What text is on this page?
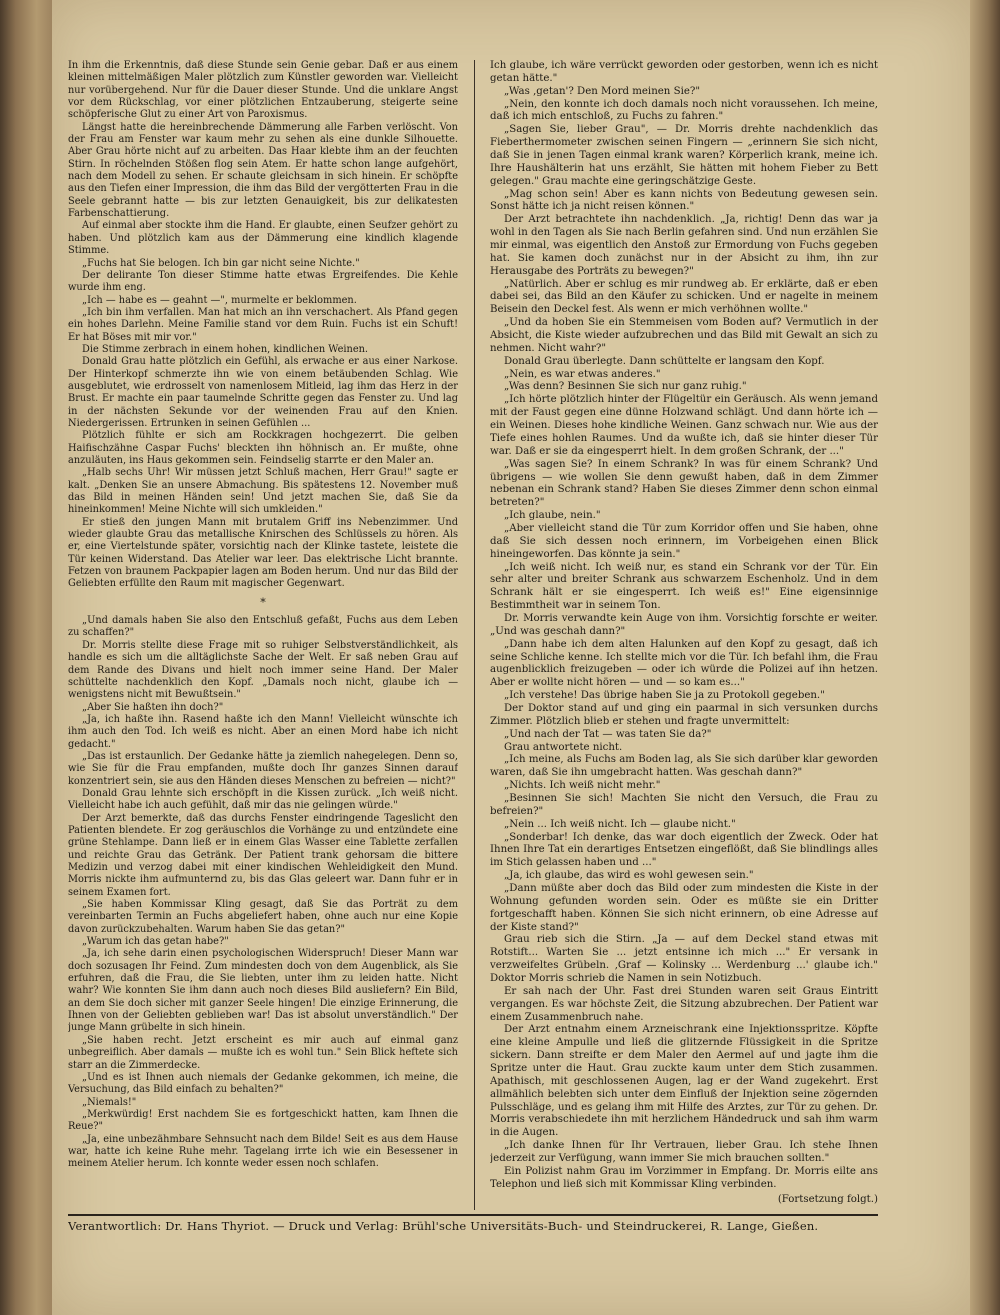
In ihm die Erkenntnis, daß diese Stunde sein Genie gebar. Daß er aus einem kleinen mittelmäßigen Maler plötzlich zum Künstler geworden war. Vielleicht nur vorübergehend. Nur für die Dauer dieser Stunde. Und die unklare Angst vor dem Rückschlag, vor einer plötzlichen Entzauberung, steigerte seine schöpferische Glut zu einer Art von Paroxismus.

Längst hatte die hereinbrechende Dämmerung alle Farben verlöscht. Von der Frau am Fenster war kaum mehr zu sehen als eine dunkle Silhouette. Aber Grau hörte nicht auf zu arbeiten. Das Haar klebte ihm an der feuchten Stirn. In röchelnden Stößen flog sein Atem. Er hatte schon lange aufgehört, nach dem Modell zu sehen. Er schaute gleichsam in sich hinein. Er schöpfte aus den Tiefen einer Impression, die ihm das Bild der vergötterten Frau in die Seele gebrannt hatte — bis zur letzten Genauigkeit, bis zur delikatesten Farbenschattierung.

Auf einmal aber stockte ihm die Hand. Er glaubte, einen Seufzer gehört zu haben. Und plötzlich kam aus der Dämmerung eine kindlich klagende Stimme.

„Fuchs hat Sie belogen. Ich bin gar nicht seine Nichte."

Der delirante Ton dieser Stimme hatte etwas Ergreifendes. Die Kehle wurde ihm eng.

„Ich — habe es — geahnt —", murmelte er beklommen.

„Ich bin ihm verfallen. Man hat mich an ihn verschachert. Als Pfand gegen ein hohes Darlehn. Meine Familie stand vor dem Ruin. Fuchs ist ein Schuft! Er hat Böses mit mir vor."

Die Stimme zerbrach in einem hohen, kindlichen Weinen.

Donald Grau hatte plötzlich ein Gefühl, als erwache er aus einer Narkose. Der Hinterkopf schmerzte ihn wie von einem betäubenden Schlag. Wie ausgeblutet, wie erdrosselt von namenlosem Mitleid, lag ihm das Herz in der Brust. Er machte ein paar taumelnde Schritte gegen das Fenster zu. Und lag in der nächsten Sekunde vor der weinenden Frau auf den Knien. Niedergerissen. Ertrunken in seinen Gefühlen ...

Plötzlich fühlte er sich am Rockkragen hochgezerrt. Die gelben Haifischzähne Caspar Fuchs' bleckten ihn höhnisch an. Er mußte, ohne anzuläuten, ins Haus gekommen sein. Feindselig starrte er den Maler an.

„Halb sechs Uhr! Wir müssen jetzt Schluß machen, Herr Grau!" sagte er kalt. „Denken Sie an unsere Abmachung. Bis spätestens 12. November muß das Bild in meinen Händen sein! Und jetzt machen Sie, daß Sie da hineinkommen! Meine Nichte will sich umkleiden."

Er stieß den jungen Mann mit brutalem Griff ins Nebenzimmer. Und wieder glaubte Grau das metallische Knirschen des Schlüssels zu hören. Als er, eine Viertelstunde später, vorsichtig nach der Klinke tastete, leistete die Tür keinen Widerstand. Das Atelier war leer. Das elektrische Licht brannte. Fetzen von braunem Packpapier lagen am Boden herum. Und nur das Bild der Geliebten erfüllte den Raum mit magischer Gegenwart.

*

„Und damals haben Sie also den Entschluß gefaßt, Fuchs aus dem Leben zu schaffen?"

Dr. Morris stellte diese Frage mit so ruhiger Selbstverständlichkeit, als handle es sich um die alltäglichste Sache der Welt. Er saß neben Grau auf dem Rande des Divans und hielt noch immer seine Hand. Der Maler schüttelte nachdenklich den Kopf. „Damals noch nicht, glaube ich — wenigstens nicht mit Bewußtsein."

„Aber Sie haßten ihn doch?"

„Ja, ich haßte ihn. Rasend haßte ich den Mann! Vielleicht wünschte ich ihm auch den Tod. Ich weiß es nicht. Aber an einen Mord habe ich nicht gedacht."

„Das ist erstaunlich. Der Gedanke hätte ja ziemlich nahegelegen. Denn so, wie Sie für die Frau empfanden, mußte doch Ihr ganzes Sinnen darauf konzentriert sein, sie aus den Händen dieses Menschen zu befreien — nicht?"

Donald Grau lehnte sich erschöpft in die Kissen zurück. „Ich weiß nicht. Vielleicht habe ich auch gefühlt, daß mir das nie gelingen würde."

Der Arzt bemerkte, daß das durchs Fenster eindringende Tageslicht den Patienten blendete. Er zog geräuschlos die Vorhänge zu und entzündete eine grüne Stehlampe. Dann ließ er in einem Glas Wasser eine Tablette zerfallen und reichte Grau das Getränk. Der Patient trank gehorsam die bittere Medizin und verzog dabei mit einer kindischen Wehleidigkeit den Mund. Morris nickte ihm aufmunternd zu, bis das Glas geleert war. Dann fuhr er in seinem Examen fort.

„Sie haben Kommissar Kling gesagt, daß Sie das Porträt zu dem vereinbarten Termin an Fuchs abgeliefert haben, ohne auch nur eine Kopie davon zurückzubehalten. Warum haben Sie das getan?"

„Warum ich das getan habe?"

„Ja, ich sehe darin einen psychologischen Widerspruch! Dieser Mann war doch sozusagen Ihr Feind. Zum mindesten doch von dem Augenblick, als Sie erfuhren, daß die Frau, die Sie liebten, unter ihm zu leiden hatte. Nicht wahr? Wie konnten Sie ihm dann auch noch dieses Bild ausliefern? Ein Bild, an dem Sie doch sicher mit ganzer Seele hingen! Die einzige Erinnerung, die Ihnen von der Geliebten geblieben war! Das ist absolut unverständlich." Der junge Mann grübelte in sich hinein.

„Sie haben recht. Jetzt erscheint es mir auch auf einmal ganz unbegreiflich. Aber damals — mußte ich es wohl tun." Sein Blick heftete sich starr an die Zimmerdecke.

„Und es ist Ihnen auch niemals der Gedanke gekommen, ich meine, die Versuchung, das Bild einfach zu behalten?"

„Niemals!"

„Merkwürdig! Erst nachdem Sie es fortgeschickt hatten, kam Ihnen die Reue?"

„Ja, eine unbezähmbare Sehnsucht nach dem Bilde! Seit es aus dem Hause war, hatte ich keine Ruhe mehr. Tagelang irrte ich wie ein Besessener in meinem Atelier herum. Ich konnte weder essen noch schlafen.

Ich glaube, ich wäre verrückt geworden oder gestorben, wenn ich es nicht getan hätte."

„Was ‚getan'? Den Mord meinen Sie?"

„Nein, den konnte ich doch damals noch nicht voraussehen. Ich meine, daß ich mich entschloß, zu Fuchs zu fahren."

„Sagen Sie, lieber Grau", — Dr. Morris drehte nachdenklich das Fieberthermometer zwischen seinen Fingern — „erinnern Sie sich nicht, daß Sie in jenen Tagen einmal krank waren? Körperlich krank, meine ich. Ihre Haushälterin hat uns erzählt, Sie hätten mit hohem Fieber zu Bett gelegen." Grau machte eine geringschätzige Geste.

„Mag schon sein! Aber es kann nichts von Bedeutung gewesen sein. Sonst hätte ich ja nicht reisen können."

Der Arzt betrachtete ihn nachdenklich. „Ja, richtig! Denn das war ja wohl in den Tagen als Sie nach Berlin gefahren sind. Und nun erzählen Sie mir einmal, was eigentlich den Anstoß zur Ermordung von Fuchs gegeben hat. Sie kamen doch zunächst nur in der Absicht zu ihm, ihn zur Herausgabe des Porträts zu bewegen?"

„Natürlich. Aber er schlug es mir rundweg ab. Er erklärte, daß er eben dabei sei, das Bild an den Käufer zu schicken. Und er nagelte in meinem Beisein den Deckel fest. Als wenn er mich verhöhnen wollte."

„Und da hoben Sie ein Stemmeisen vom Boden auf? Vermutlich in der Absicht, die Kiste wieder aufzubrechen und das Bild mit Gewalt an sich zu nehmen. Nicht wahr?"

Donald Grau überlegte. Dann schüttelte er langsam den Kopf.

„Nein, es war etwas anderes."

„Was denn? Besinnen Sie sich nur ganz ruhig."

„Ich hörte plötzlich hinter der Flügeltür ein Geräusch. Als wenn jemand mit der Faust gegen eine dünne Holzwand schlägt. Und dann hörte ich — ein Weinen. Dieses hohe kindliche Weinen. Ganz schwach nur. Wie aus der Tiefe eines hohlen Raumes. Und da wußte ich, daß sie hinter dieser Tür war. Daß er sie da eingesperrt hielt. In dem großen Schrank, der ..."

„Was sagen Sie? In einem Schrank? In was für einem Schrank? Und übrigens — wie wollen Sie denn gewußt haben, daß in dem Zimmer nebenan ein Schrank stand? Haben Sie dieses Zimmer denn schon einmal betreten?"

„Ich glaube, nein."

„Aber vielleicht stand die Tür zum Korridor offen und Sie haben, ohne daß Sie sich dessen noch erinnern, im Vorbeigehen einen Blick hineingeworfen. Das könnte ja sein."

„Ich weiß nicht. Ich weiß nur, es stand ein Schrank vor der Tür. Ein sehr alter und breiter Schrank aus schwarzem Eschenholz. Und in dem Schrank hält er sie eingesperrt. Ich weiß es!" Eine eigensinnige Bestimmtheit war in seinem Ton.

Dr. Morris verwandte kein Auge von ihm. Vorsichtig forschte er weiter. „Und was geschah dann?"

„Dann habe ich dem alten Halunken auf den Kopf zu gesagt, daß ich seine Schliche kenne. Ich stellte mich vor die Tür. Ich befahl ihm, die Frau augenblicklich freizugeben — oder ich würde die Polizei auf ihn hetzen. Aber er wollte nicht hören — und — so kam es..."

„Ich verstehe! Das übrige haben Sie ja zu Protokoll gegeben."

Der Doktor stand auf und ging ein paarmal in sich versunken durchs Zimmer. Plötzlich blieb er stehen und fragte unvermittelt:

„Und nach der Tat — was taten Sie da?"

Grau antwortete nicht.

„Ich meine, als Fuchs am Boden lag, als Sie sich darüber klar geworden waren, daß Sie ihn umgebracht hatten. Was geschah dann?"

„Nichts. Ich weiß nicht mehr."

„Besinnen Sie sich! Machten Sie nicht den Versuch, die Frau zu befreien?"

„Nein ... Ich weiß nicht. Ich — glaube nicht."

„Sonderbar! Ich denke, das war doch eigentlich der Zweck. Oder hat Ihnen Ihre Tat ein derartiges Entsetzen eingeflößt, daß Sie blindlings alles im Stich gelassen haben und ..."

„Ja, ich glaube, das wird es wohl gewesen sein."

„Dann müßte aber doch das Bild oder zum mindesten die Kiste in der Wohnung gefunden worden sein. Oder es müßte sie ein Dritter fortgeschafft haben. Können Sie sich nicht erinnern, ob eine Adresse auf der Kiste stand?"

Grau rieb sich die Stirn. „Ja — auf dem Deckel stand etwas mit Rotstift... Warten Sie ... jetzt entsinne ich mich ..." Er versank in verzweifeltes Grübeln. ‚Graf — Kolinsky ... Werdenburg ...' glaube ich." Doktor Morris schrieb die Namen in sein Notizbuch.

Er sah nach der Uhr. Fast drei Stunden waren seit Graus Eintritt vergangen. Es war höchste Zeit, die Sitzung abzubrechen. Der Patient war einem Zusammenbruch nahe.

Der Arzt entnahm einem Arzneischrank eine Injektionsspritze. Köpfte eine kleine Ampulle und ließ die glitzernde Flüssigkeit in die Spritze sickern. Dann streifte er dem Maler den Aermel auf und jagte ihm die Spritze unter die Haut. Grau zuckte kaum unter dem Stich zusammen. Apathisch, mit geschlossenen Augen, lag er der Wand zugekehrt. Erst allmählich belebten sich unter dem Einfluß der Injektion seine zögernden Pulsschläge, und es gelang ihm mit Hilfe des Arztes, zur Tür zu gehen. Dr. Morris verabschiedete ihn mit herzlichem Händedruck und sah ihm warm in die Augen.

„Ich danke Ihnen für Ihr Vertrauen, lieber Grau. Ich stehe Ihnen jederzeit zur Verfügung, wann immer Sie mich brauchen sollten."

Ein Polizist nahm Grau im Vorzimmer in Empfang. Dr. Morris eilte ans Telephon und ließ sich mit Kommissar Kling verbinden.

(Fortsetzung folgt.)
Verantwortlich: Dr. Hans Thyriot. — Druck und Verlag: Brühl'sche Universitäts-Buch- und Steindruckerei, R. Lange, Gießen.
